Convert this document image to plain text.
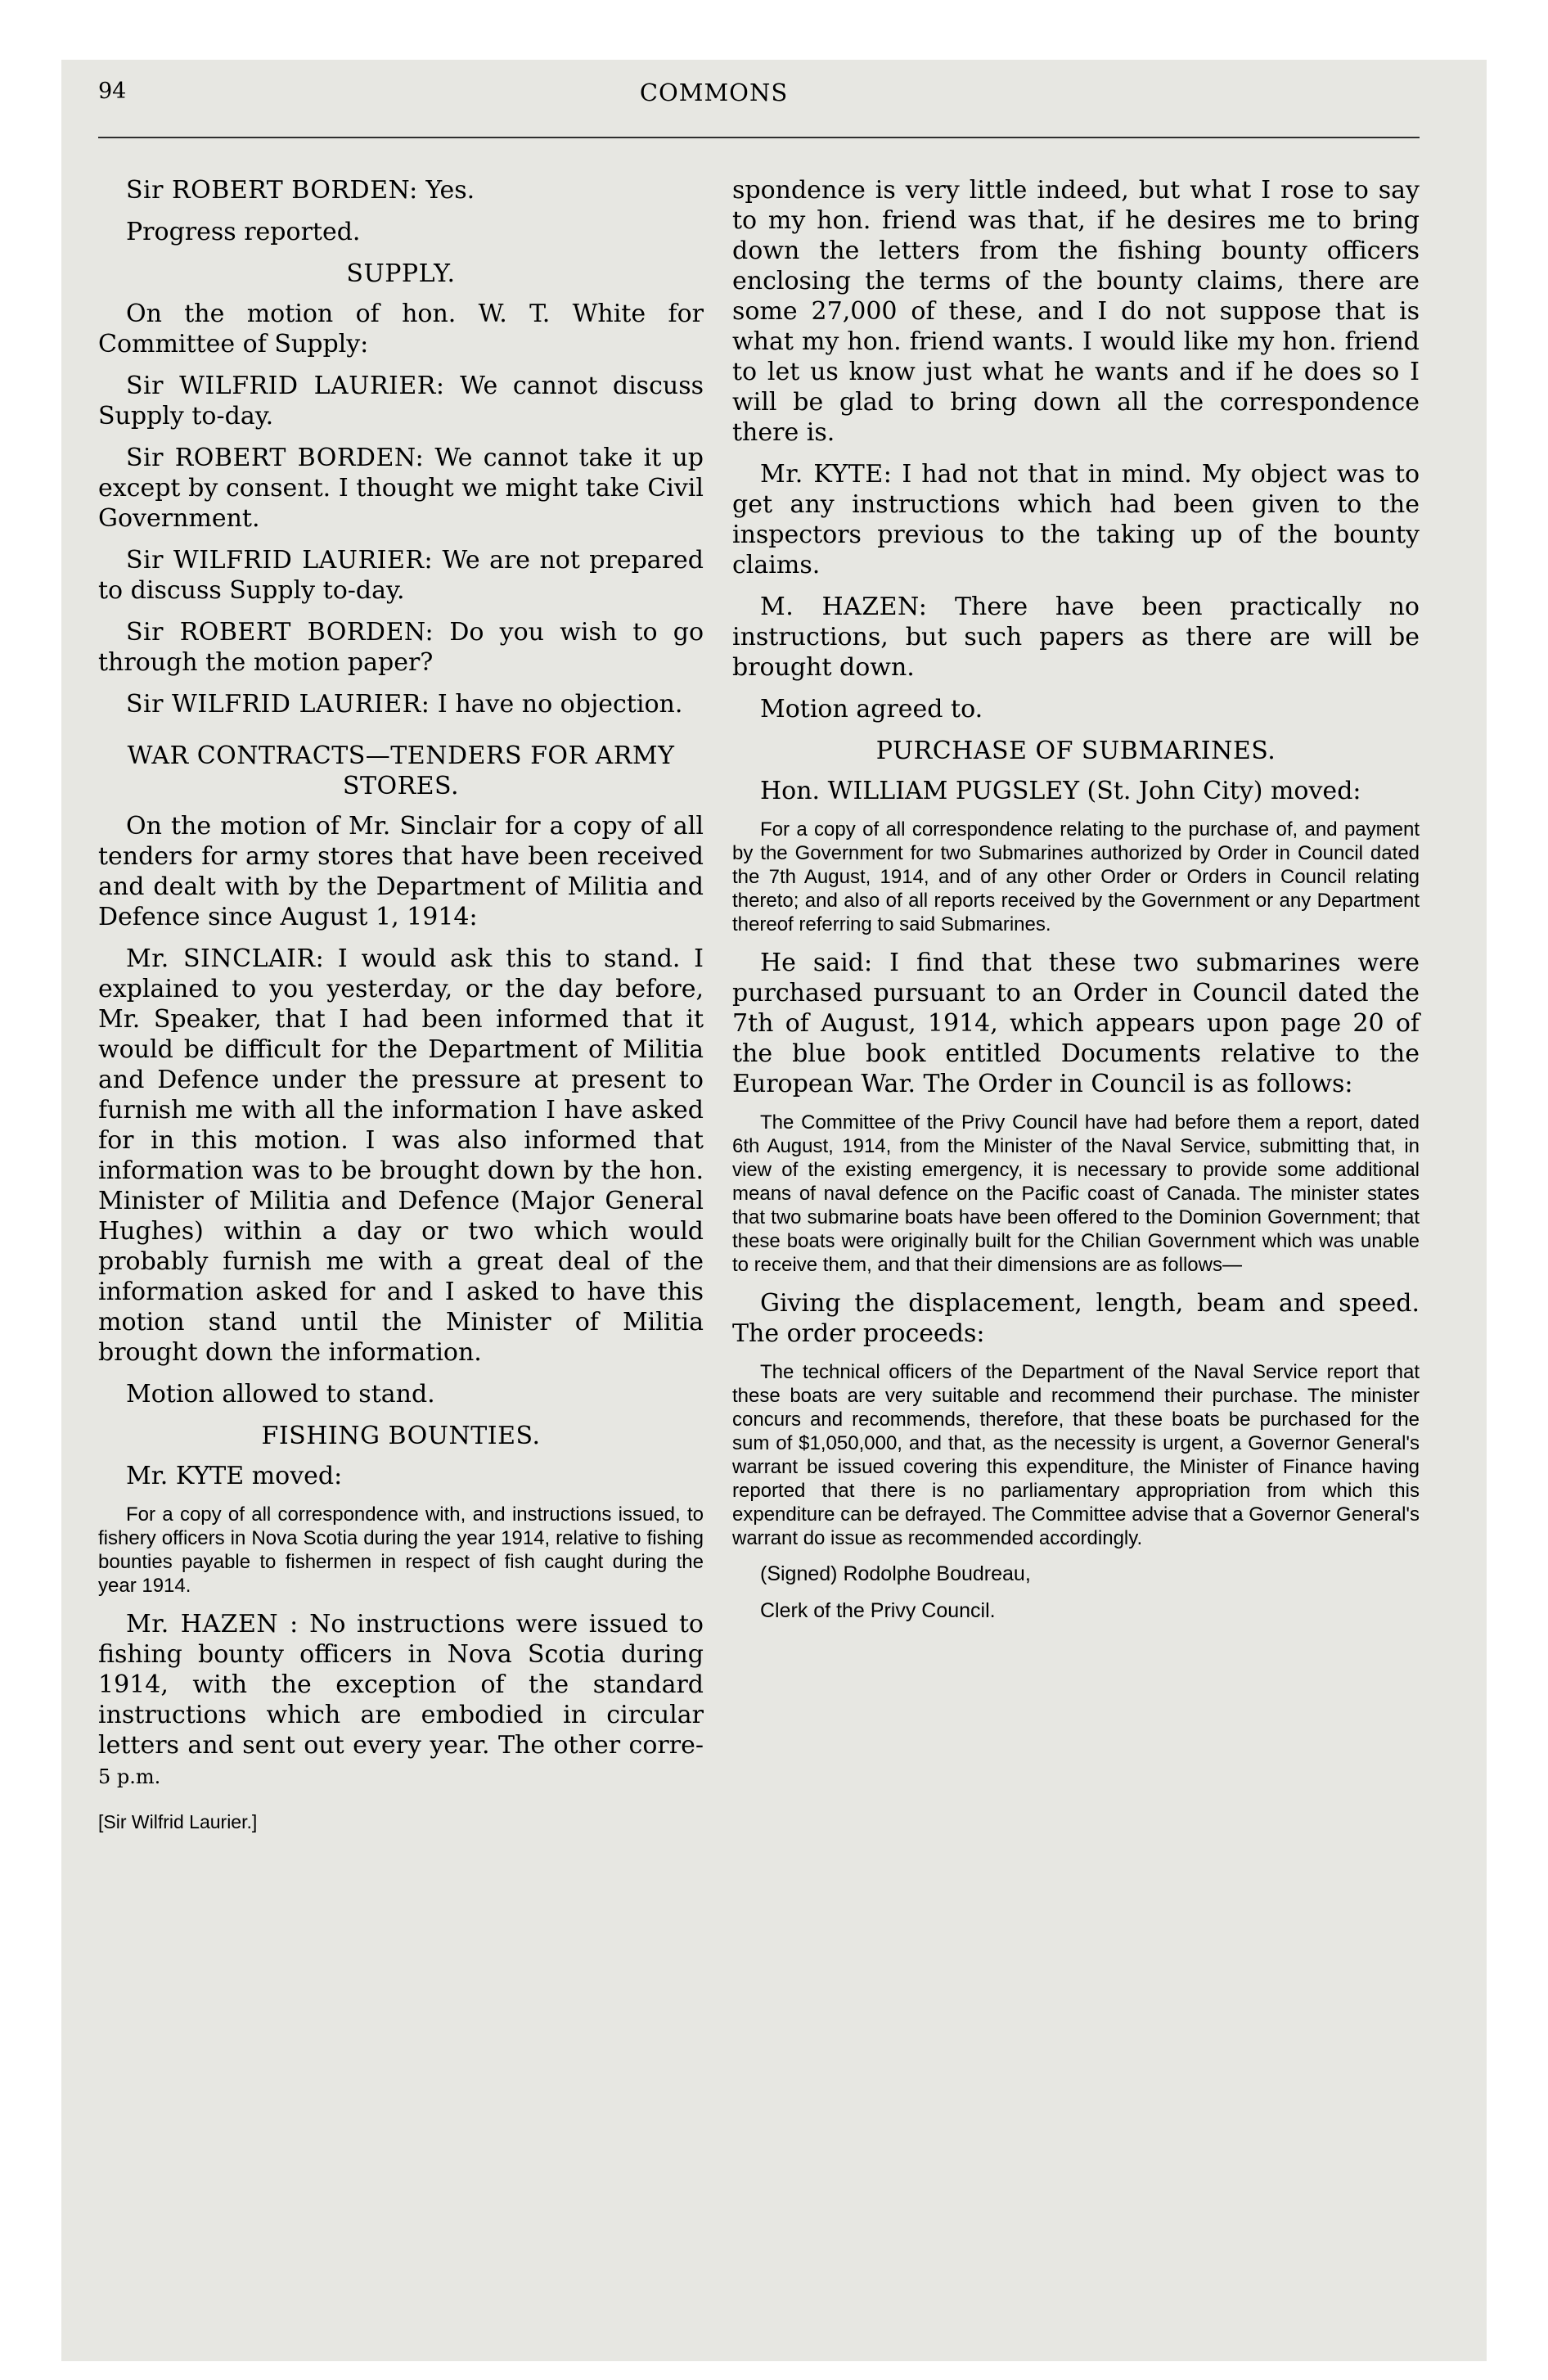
94	COMMONS

Sir ROBERT BORDEN: Yes.

Progress reported.

SUPPLY.

On the motion of hon. W. T. White for Committee of Supply:

Sir WILFRID LAURIER: We cannot discuss Supply to-day.

Sir ROBERT BORDEN: We cannot take it up except by consent. I thought we might take Civil Government.

Sir WILFRID LAURIER: We are not prepared to discuss Supply to-day.

Sir ROBERT BORDEN: Do you wish to go through the motion paper?

Sir WILFRID LAURIER: I have no objection.

WAR CONTRACTS—TENDERS FOR ARMY STORES.

On the motion of Mr. Sinclair for a copy of all tenders for army stores that have been received and dealt with by the Department of Militia and Defence since August 1, 1914:

Mr. SINCLAIR: I would ask this to stand. I explained to you yesterday, or the day before, Mr. Speaker, that I had been informed that it would be difficult for the Department of Militia and Defence under the pressure at present to furnish me with all the information I have asked for in this motion. I was also informed that information was to be brought down by the hon. Minister of Militia and Defence (Major General Hughes) within a day or two which would probably furnish me with a great deal of the information asked for and I asked to have this motion stand until the Minister of Militia brought down the information.

Motion allowed to stand.

FISHING BOUNTIES.

Mr. KYTE moved:

For a copy of all correspondence with, and instructions issued, to fishery officers in Nova Scotia during the year 1914, relative to fishing bounties payable to fishermen in respect of fish caught during the year 1914.

Mr. HAZEN : No instructions were issued to fishing bounty officers in Nova Scotia during 1914, with the exception of the standard instructions which are embodied in circular letters and sent out every year. The other corre- 5 p.m.

[Sir Wilfrid Laurier.]

spondence is very little indeed, but what I rose to say to my hon. friend was that, if he desires me to bring down the letters from the fishing bounty officers enclosing the terms of the bounty claims, there are some 27,000 of these, and I do not suppose that is what my hon. friend wants. I would like my hon. friend to let us know just what he wants and if he does so I will be glad to bring down all the correspondence there is.

Mr. KYTE: I had not that in mind. My object was to get any instructions which had been given to the inspectors previous to the taking up of the bounty claims.

M. HAZEN: There have been practically no instructions, but such papers as there are will be brought down.

Motion agreed to.

PURCHASE OF SUBMARINES.

Hon. WILLIAM PUGSLEY (St. John City) moved:

For a copy of all correspondence relating to the purchase of, and payment by the Government for two Submarines authorized by Order in Council dated the 7th August, 1914, and of any other Order or Orders in Council relating thereto; and also of all reports received by the Government or any Department thereof referring to said Submarines.

He said: I find that these two submarines were purchased pursuant to an Order in Council dated the 7th of August, 1914, which appears upon page 20 of the blue book entitled Documents relative to the European War. The Order in Council is as follows:

The Committee of the Privy Council have had before them a report, dated 6th August, 1914, from the Minister of the Naval Service, submitting that, in view of the existing emergency, it is necessary to provide some additional means of naval defence on the Pacific coast of Canada. The minister states that two submarine boats have been offered to the Dominion Government; that these boats were originally built for the Chilian Government which was unable to receive them, and that their dimensions are as follows—

Giving the displacement, length, beam and speed. The order proceeds:

The technical officers of the Department of the Naval Service report that these boats are very suitable and recommend their purchase. The minister concurs and recommends, therefore, that these boats be purchased for the sum of $1,050,000, and that, as the necessity is urgent, a Governor General's warrant be issued covering this expenditure, the Minister of Finance having reported that there is no parliamentary appropriation from which this expenditure can be defrayed. The Committee advise that a Governor General's warrant do issue as recommended accordingly.

(Signed) Rodolphe Boudreau,

Clerk of the Privy Council.
